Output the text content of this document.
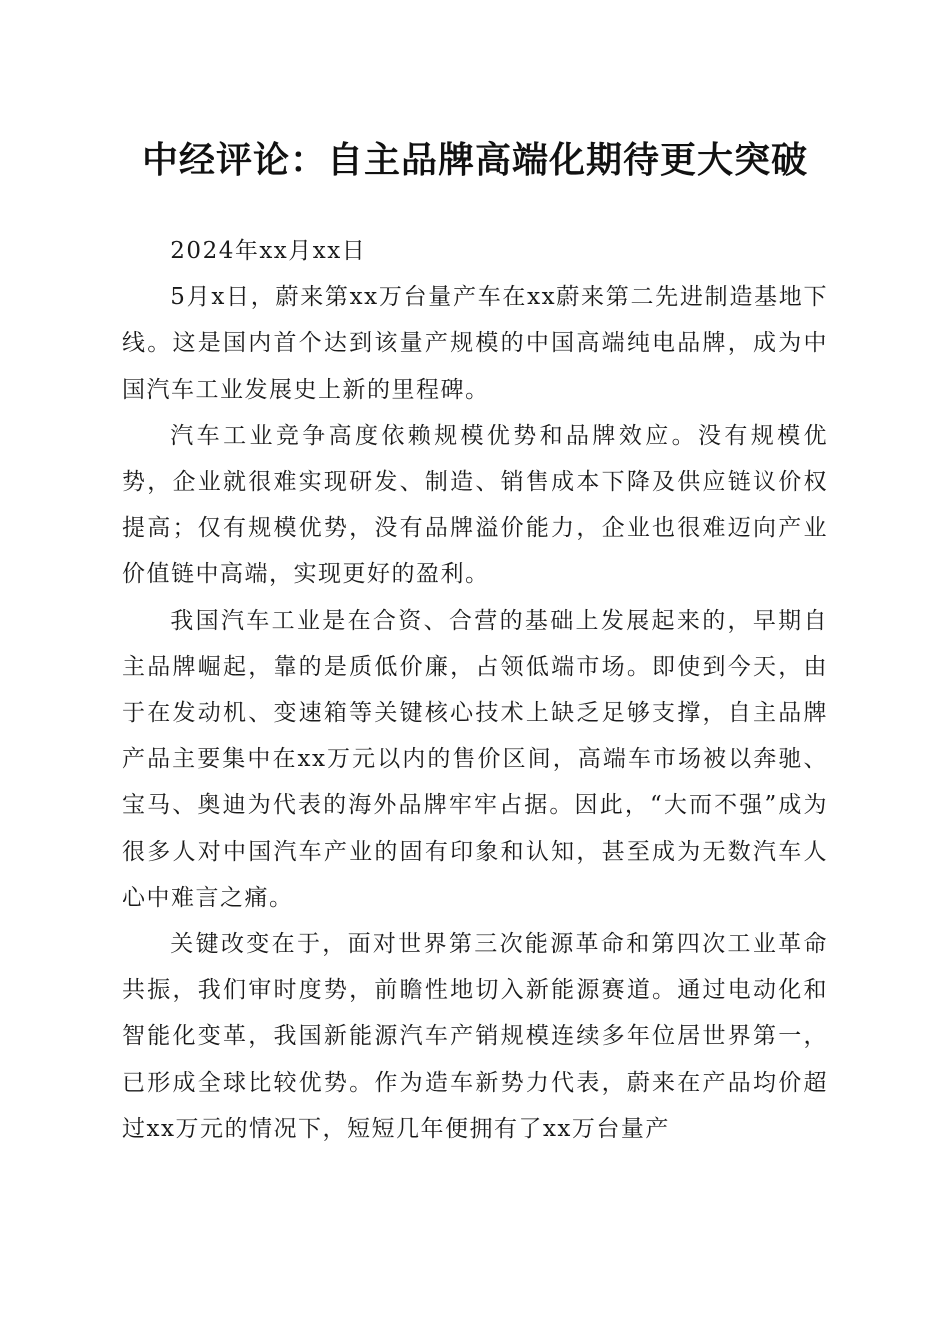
中经评论：自主品牌高端化期待更大突破

2024年xx月xx日

5月x日，蔚来第xx万台量产车在xx蔚来第二先进制造基地下线。这是国内首个达到该量产规模的中国高端纯电品牌，成为中国汽车工业发展史上新的里程碑。

汽车工业竞争高度依赖规模优势和品牌效应。没有规模优势，企业就很难实现研发、制造、销售成本下降及供应链议价权提高；仅有规模优势，没有品牌溢价能力，企业也很难迈向产业价值链中高端，实现更好的盈利。

我国汽车工业是在合资、合营的基础上发展起来的，早期自主品牌崛起，靠的是质低价廉，占领低端市场。即使到今天，由于在发动机、变速箱等关键核心技术上缺乏足够支撑，自主品牌产品主要集中在xx万元以内的售价区间，高端车市场被以奔驰、宝马、奥迪为代表的海外品牌牢牢占据。因此，“大而不强”成为很多人对中国汽车产业的固有印象和认知，甚至成为无数汽车人心中难言之痛。

关键改变在于，面对世界第三次能源革命和第四次工业革命共振，我们审时度势，前瞻性地切入新能源赛道。通过电动化和智能化变革，我国新能源汽车产销规模连续多年位居世界第一，已形成全球比较优势。作为造车新势力代表，蔚来在产品均价超过xx万元的情况下，短短几年便拥有了xx万台量产
